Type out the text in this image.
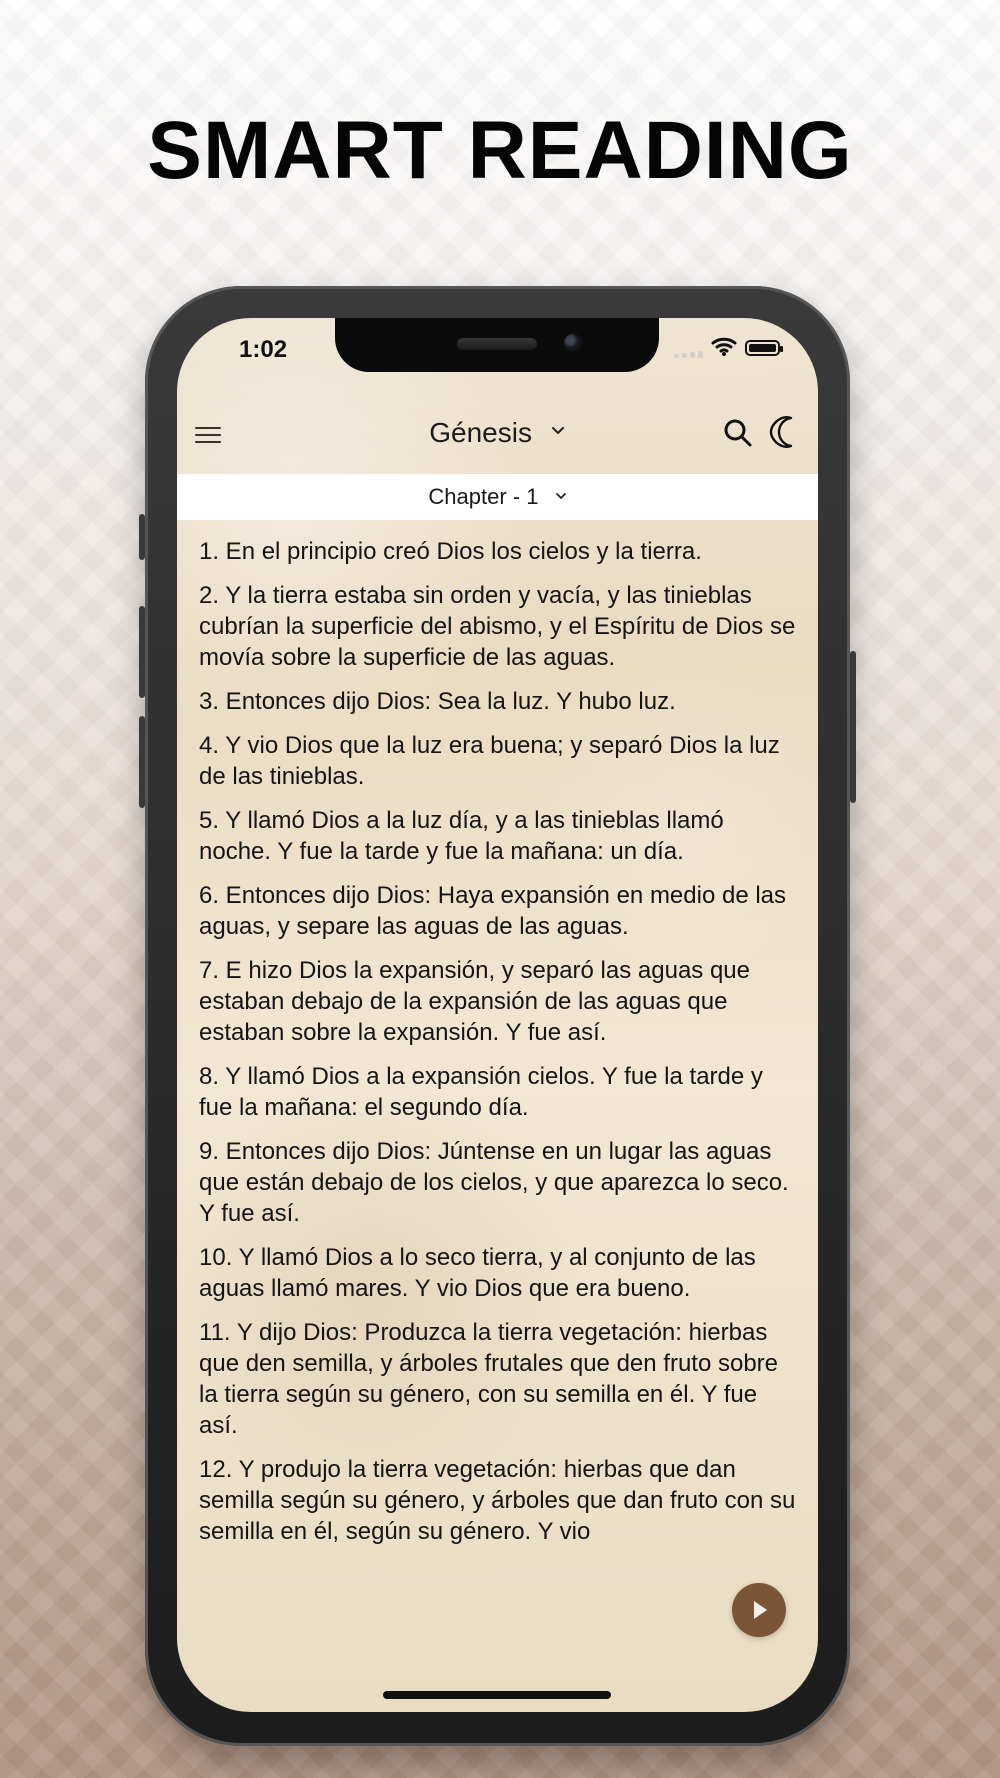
SMART READING
1:02
Génesis
Chapter - 1

1. En el principio creó Dios los cielos y la tierra.

2. Y la tierra estaba sin orden y vacía, y las tinieblas cubrían la superficie del abismo, y el Espíritu de Dios se movía sobre la superficie de las aguas.

3. Entonces dijo Dios: Sea la luz. Y hubo luz.

4. Y vio Dios que la luz era buena; y separó Dios la luz de las tinieblas.

5. Y llamó Dios a la luz día, y a las tinieblas llamó noche. Y fue la tarde y fue la mañana: un día.

6. Entonces dijo Dios: Haya expansión en medio de las aguas, y separe las aguas de las aguas.

7. E hizo Dios la expansión, y separó las aguas que estaban debajo de la expansión de las aguas que estaban sobre la expansión. Y fue así.

8. Y llamó Dios a la expansión cielos. Y fue la tarde y fue la mañana: el segundo día.

9. Entonces dijo Dios: Júntense en un lugar las aguas que están debajo de los cielos, y que aparezca lo seco. Y fue así.

10. Y llamó Dios a lo seco tierra, y al conjunto de las aguas llamó mares. Y vio Dios que era bueno.

11. Y dijo Dios: Produzca la tierra vegetación: hierbas que den semilla, y árboles frutales que den fruto sobre la tierra según su género, con su semilla en él. Y fue así.

12. Y produjo la tierra vegetación: hierbas que dan semilla según su género, y árboles que dan fruto con su semilla en él, según su género. Y vio
